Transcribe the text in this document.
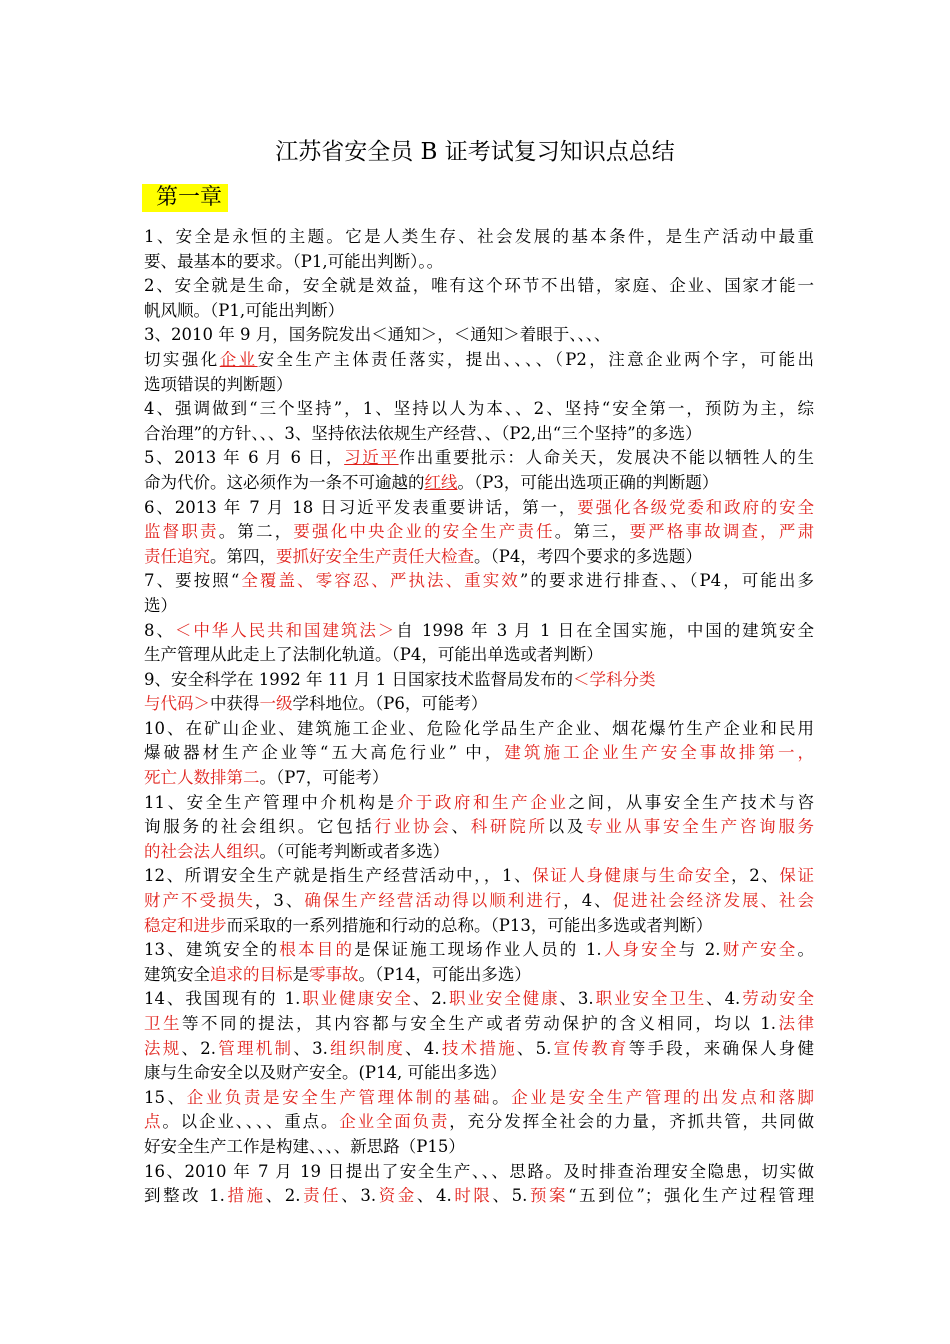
江苏省安全员 B 证考试复习知识点总结
第一章
1、安全是永恒的主题。它是人类生存、社会发展的基本条件，是生产活动中最重
要、最基本的要求。（P1,可能出判断）。。
2、安全就是生命，安全就是效益，唯有这个环节不出错，家庭、企业、国家才能一
帆风顺。（P1,可能出判断）
3、2010 年 9 月，国务院发出＜通知＞，＜通知＞着眼于、、、、
切实强化企业安全生产主体责任落实，提出、、、、（P2，注意企业两个字，可能出
选项错误的判断题）
4、强调做到“三个坚持”，1、坚持以人为本、、2、坚持“安全第一，预防为主，综
合治理”的方针、、、3、坚持依法依规生产经营、、（P2,出“三个坚持”的多选）
5、2013 年 6 月 6 日，习近平作出重要批示：人命关天，发展决不能以牺牲人的生
命为代价。这必须作为一条不可逾越的红线。（P3，可能出选项正确的判断题）
6、2013 年 7 月 18 日习近平发表重要讲话，第一，要强化各级党委和政府的安全
监督职责。第二，要强化中央企业的安全生产责任。第三，要严格事故调查，严肃
责任追究。第四，要抓好安全生产责任大检查。（P4，考四个要求的多选题）
7、要按照“全覆盖、零容忍、严执法、重实效”的要求进行排查、、（P4，可能出多
选）
8、＜中华人民共和国建筑法＞自 1998 年 3 月 1 日在全国实施，中国的建筑安全
生产管理从此走上了法制化轨道。（P4，可能出单选或者判断）
9、安全科学在 1992 年 11 月 1 日国家技术监督局发布的＜学科分类
与代码＞中获得一级学科地位。（P6，可能考）
10、在矿山企业、建筑施工企业、危险化学品生产企业、烟花爆竹生产企业和民用
爆破器材生产企业等“五大高危行业” 中，建筑施工企业生产安全事故排第一，
死亡人数排第二。（P7，可能考）
11、安全生产管理中介机构是介于政府和生产企业之间，从事安全生产技术与咨
询服务的社会组织。它包括行业协会、科研院所以及专业从事安全生产咨询服务
的社会法人组织。（可能考判断或者多选）
12、所谓安全生产就是指生产经营活动中，，1、保证人身健康与生命安全，2、保证
财产不受损失，3、确保生产经营活动得以顺利进行，4、促进社会经济发展、社会
稳定和进步而采取的一系列措施和行动的总称。（P13，可能出多选或者判断）
13、建筑安全的根本目的是保证施工现场作业人员的 1.人身安全与 2.财产安全。
建筑安全追求的目标是零事故。（P14，可能出多选）
14、我国现有的 1.职业健康安全、2.职业安全健康、3.职业安全卫生、4.劳动安全
卫生等不同的提法，其内容都与安全生产或者劳动保护的含义相同，均以 1.法律
法规、2.管理机制、3.组织制度、4.技术措施、5.宣传教育等手段，来确保人身健
康与生命安全以及财产安全。(P14, 可能出多选）
15、企业负责是安全生产管理体制的基础。企业是安全生产管理的出发点和落脚
点。以企业、、、、重点。企业全面负责，充分发挥全社会的力量，齐抓共管，共同做
好安全生产工作是构建、、、、新思路（P15）
16、2010 年 7 月 19 日提出了安全生产、、、思路。及时排查治理安全隐患，切实做
到整改 1.措施、2.责任、3.资金、4.时限、5.预案“五到位”；强化生产过程管理
